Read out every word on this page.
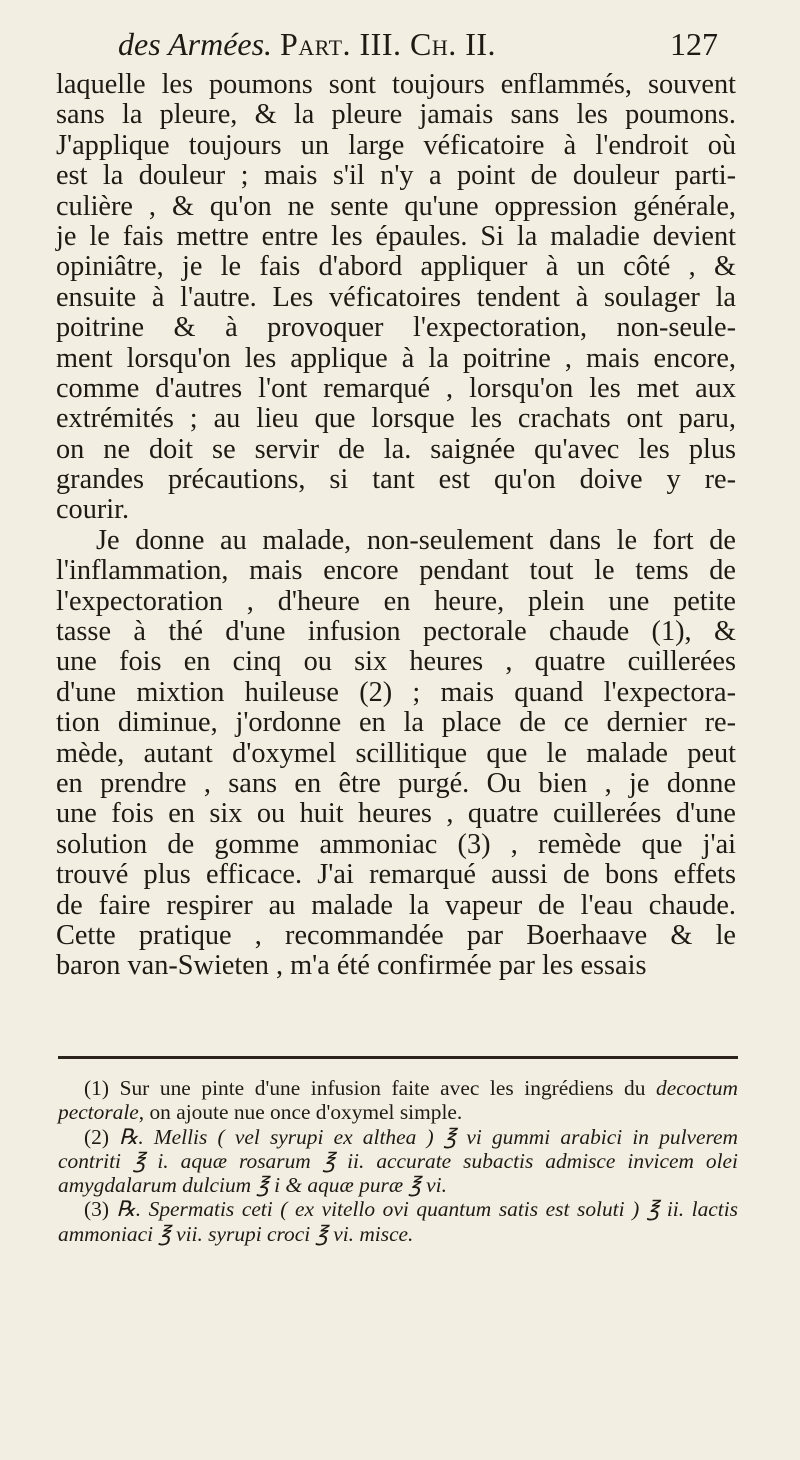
des Armées. Part. III. Ch. II.	127
laquelle les poumons sont toujours enflammés, souvent
sans la pleure, & la pleure jamais sans les poumons.
J'applique toujours un large véficatoire à l'endroit où
est la douleur ; mais s'il n'y a point de douleur parti-
culière , & qu'on ne sente qu'une oppression générale,
je le fais mettre entre les épaules. Si la maladie devient
opiniâtre, je le fais d'abord appliquer à un côté , &
ensuite à l'autre. Les véficatoires tendent à soulager la
poitrine & à provoquer l'expectoration, non-seule-
ment lorsqu'on les applique à la poitrine , mais encore,
comme d'autres l'ont remarqué , lorsqu'on les met aux
extrémités ; au lieu que lorsque les crachats ont paru,
on ne doit se servir de la. saignée qu'avec les plus
grandes précautions, si tant est qu'on doive y re-
courir.
Je donne au malade, non-seulement dans le fort de
l'inflammation, mais encore pendant tout le tems de
l'expectoration , d'heure en heure, plein une petite
tasse à thé d'une infusion pectorale chaude (1), &
une fois en cinq ou six heures , quatre cuillerées
d'une mixtion huileuse (2) ; mais quand l'expectora-
tion diminue, j'ordonne en la place de ce dernier re-
mède, autant d'oxymel scillitique que le malade peut
en prendre , sans en être purgé. Ou bien , je donne
une fois en six ou huit heures , quatre cuillerées d'une
solution de gomme ammoniac (3) , remède que j'ai
trouvé plus efficace. J'ai remarqué aussi de bons effets
de faire respirer au malade la vapeur de l'eau chaude.
Cette pratique , recommandée par Boerhaave & le
baron van-Swieten , m'a été confirmée par les essais

(1) Sur une pinte d'une infusion faite avec les ingrédiens du decoctum pectorale, on ajoute nue once d'oxymel simple.

(2) ℞. Mellis ( vel syrupi ex althea ) ℥ vi gummi arabici in pulverem contriti ℥ i. aquæ rosarum ℥ ii. accurate subactis admisce invicem olei amygdalarum dulcium ℥ i & aquæ puræ ℥ vi.

(3) ℞. Spermatis ceti ( ex vitello ovi quantum satis est soluti ) ℥ ii. lactis ammoniaci ℥ vii. syrupi croci ℥ vi. misce.
